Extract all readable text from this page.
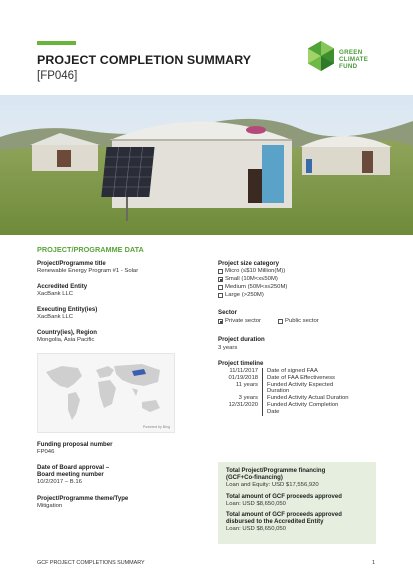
PROJECT COMPLETION SUMMARY
[FP046]
GREEN
CLIMATE
FUND
PROJECT/PROGRAMME DATA
Project/Programme title
Renewable Energy Program #1 - Solar
Accredited Entity
XacBank LLC
Executing Entity(ies)
XacBank LLC
Country(ies), Region
Mongolia, Asia Pacific
Powered by Bing
Funding proposal number
FP046
Date of Board approval –
Board meeting number
10/2/2017 – B.16
Project/Programme theme/Type
Mitigation
Project size category
Micro (≤$10 Million(M))
Small (10M<x≤50M)
Medium (50M<x≤250M)
Large (>250M)
Sector
Private sector	Public sector
Project duration
3 years
Project timeline
11/11/2017	Date of signed FAA
01/19/2018	Date of FAA Effectiveness
11 years	Funded Activity Expected
Duration
3 years	Funded Activity Actual Duration
12/31/2020	Funded Activity Completion
Date
Total Project/Programme financing
(GCF+Co-financing)
Loan and Equity: USD $17,556,920
Total amount of GCF proceeds approved
Loan: USD $8,650,050
Total amount of GCF proceeds approved
disbursed to the Accredited Entity
Loan: USD $8,650,050
GCF PROJECT COMPLETIONS SUMMARY	1
